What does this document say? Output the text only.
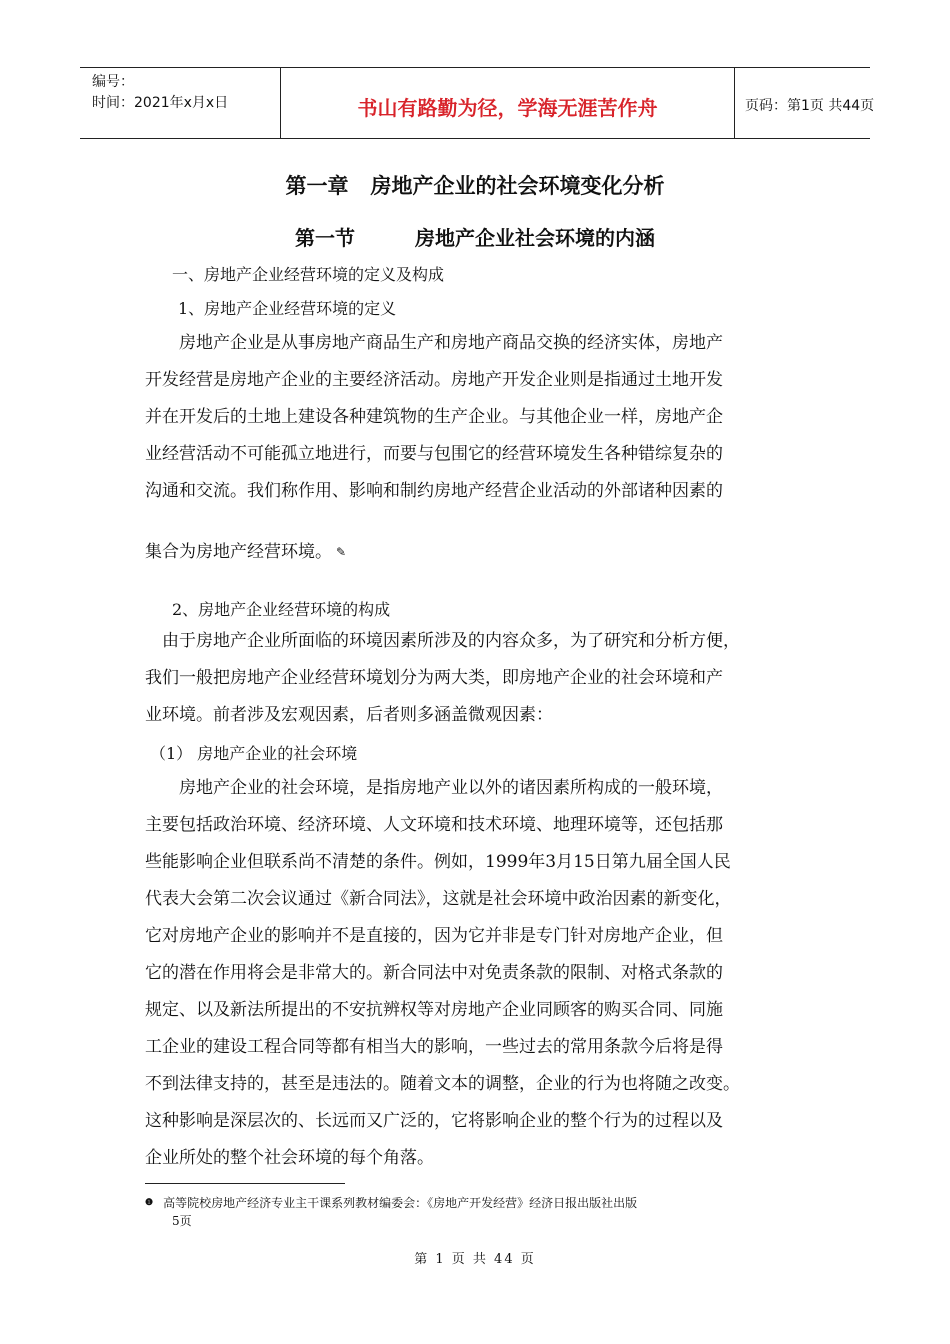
编号：
时间：2021年x月x日	书山有路勤为径，学海无涯苦作舟	页码：第1页 共44页
第一章 房地产企业的社会环境变化分析
第一节	房地产企业社会环境的内涵
一、房地产企业经营环境的定义及构成
1、房地产企业经营环境的定义
　　房地产企业是从事房地产商品生产和房地产商品交换的经济实体，房地产
开发经营是房地产企业的主要经济活动。房地产开发企业则是指通过土地开发
并在开发后的土地上建设各种建筑物的生产企业。与其他企业一样，房地产企
业经营活动不可能孤立地进行，而要与包围它的经营环境发生各种错综复杂的
沟通和交流。我们称作用、影响和制约房地产经营企业活动的外部诸种因素的
集合为房地产经营环境。 ✎
2、房地产企业经营环境的构成
　由于房地产企业所面临的环境因素所涉及的内容众多，为了研究和分析方便，
我们一般把房地产企业经营环境划分为两大类，即房地产企业的社会环境和产
业环境。前者涉及宏观因素，后者则多涵盖微观因素：
（1） 房地产企业的社会环境
　　房地产企业的社会环境，是指房地产业以外的诸因素所构成的一般环境，
主要包括政治环境、经济环境、人文环境和技术环境、地理环境等，还包括那
些能影响企业但联系尚不清楚的条件。例如，1999年3月15日第九届全国人民
代表大会第二次会议通过《新合同法》，这就是社会环境中政治因素的新变化，
它对房地产企业的影响并不是直接的，因为它并非是专门针对房地产企业，但
它的潜在作用将会是非常大的。新合同法中对免责条款的限制、对格式条款的
规定、以及新法所提出的不安抗辨权等对房地产企业同顾客的购买合同、同施
工企业的建设工程合同等都有相当大的影响，一些过去的常用条款今后将是得
不到法律支持的，甚至是违法的。随着文本的调整，企业的行为也将随之改变。
这种影响是深层次的、长远而又广泛的，它将影响企业的整个行为的过程以及
企业所处的整个社会环境的每个角落。
$^❶$ 高等院校房地产经济专业主干课系列教材编委会：《房地产开发经营》经济日报出版社出版
5页
第 1 页 共 44 页
